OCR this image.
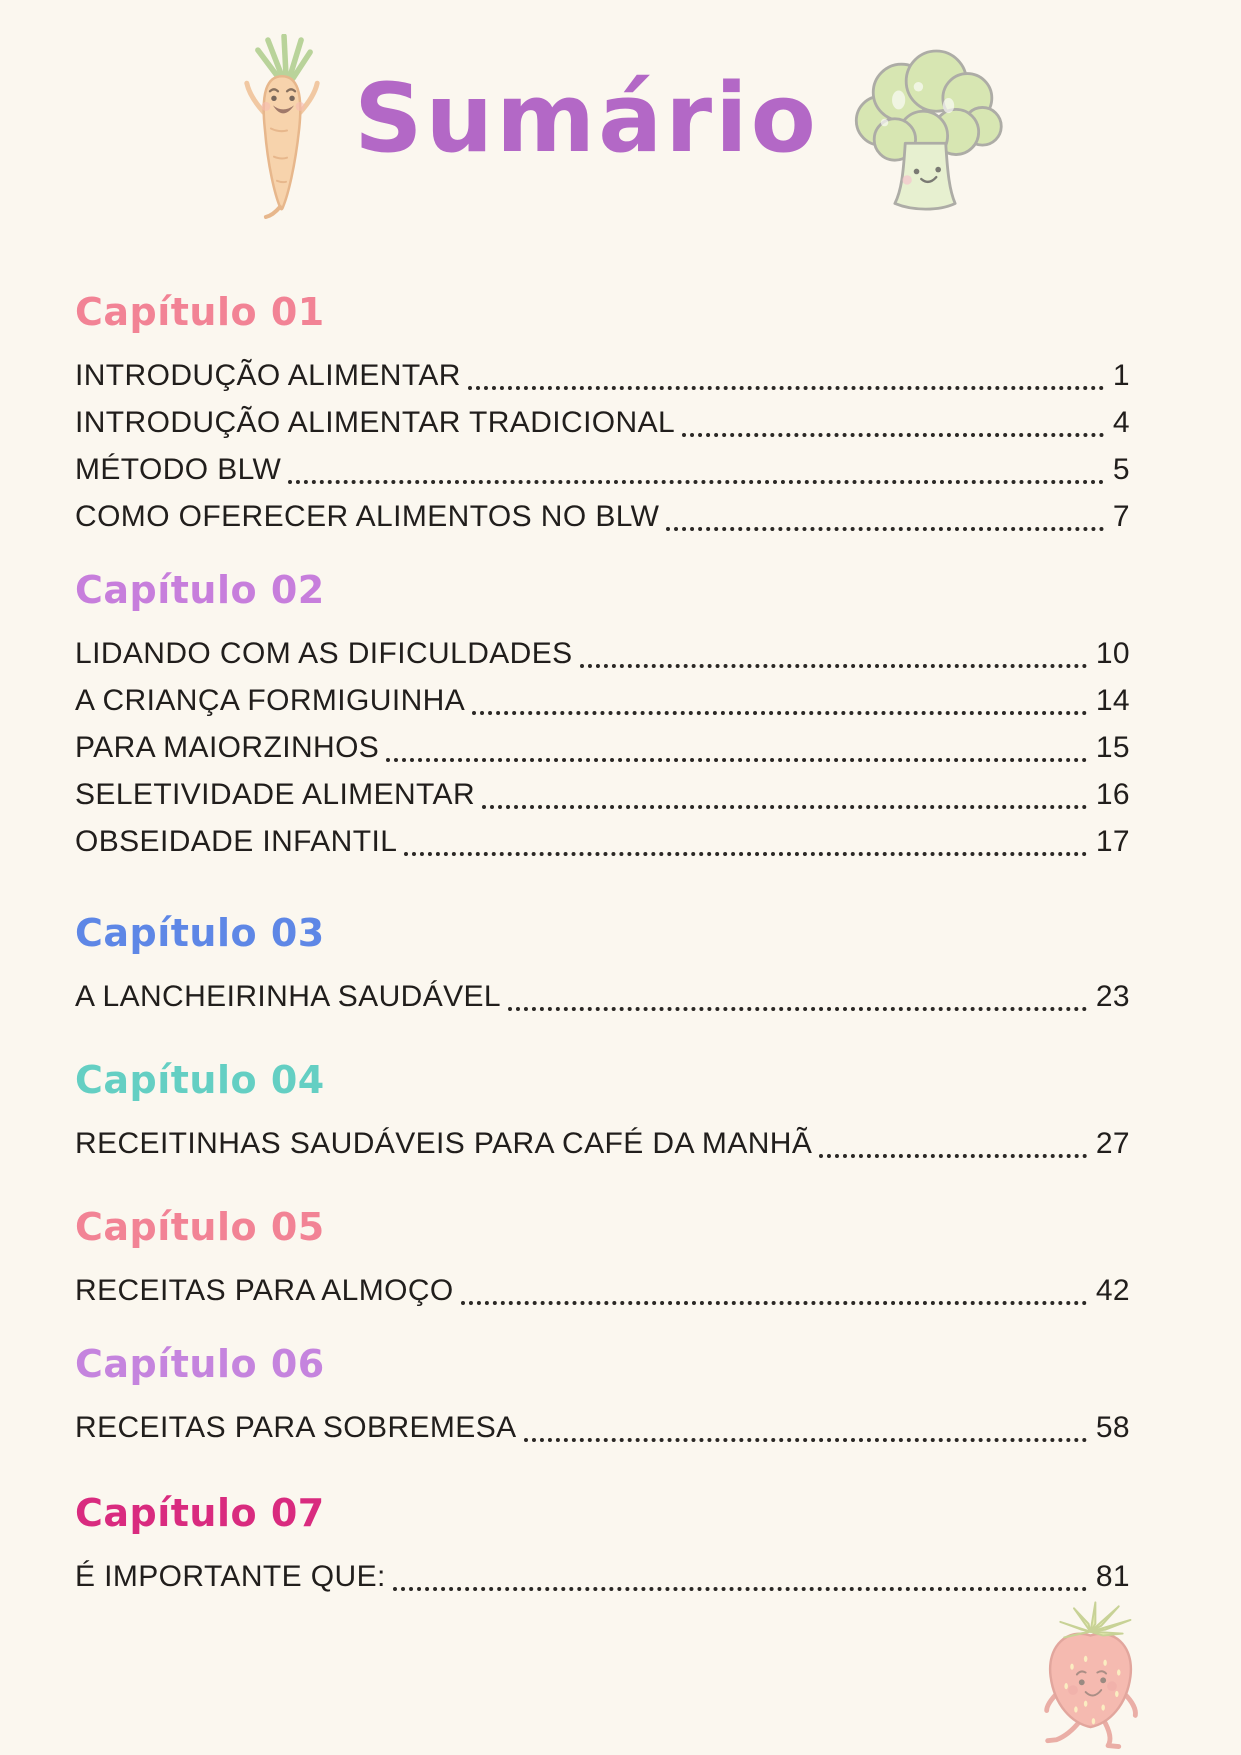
Sumário
Capítulo 01
INTRODUÇÃO ALIMENTAR	1
INTRODUÇÃO ALIMENTAR TRADICIONAL	4
MÉTODO BLW	5
COMO OFERECER ALIMENTOS NO BLW	7
Capítulo 02
LIDANDO COM AS DIFICULDADES	10
A CRIANÇA FORMIGUINHA	14
PARA MAIORZINHOS	15
SELETIVIDADE ALIMENTAR	16
OBSEIDADE INFANTIL	17
Capítulo 03
A LANCHEIRINHA SAUDÁVEL	23
Capítulo 04
RECEITINHAS SAUDÁVEIS PARA CAFÉ DA MANHÃ	27
Capítulo 05
RECEITAS PARA ALMOÇO	42
Capítulo 06
RECEITAS PARA SOBREMESA	58
Capítulo 07
É IMPORTANTE QUE:	81
